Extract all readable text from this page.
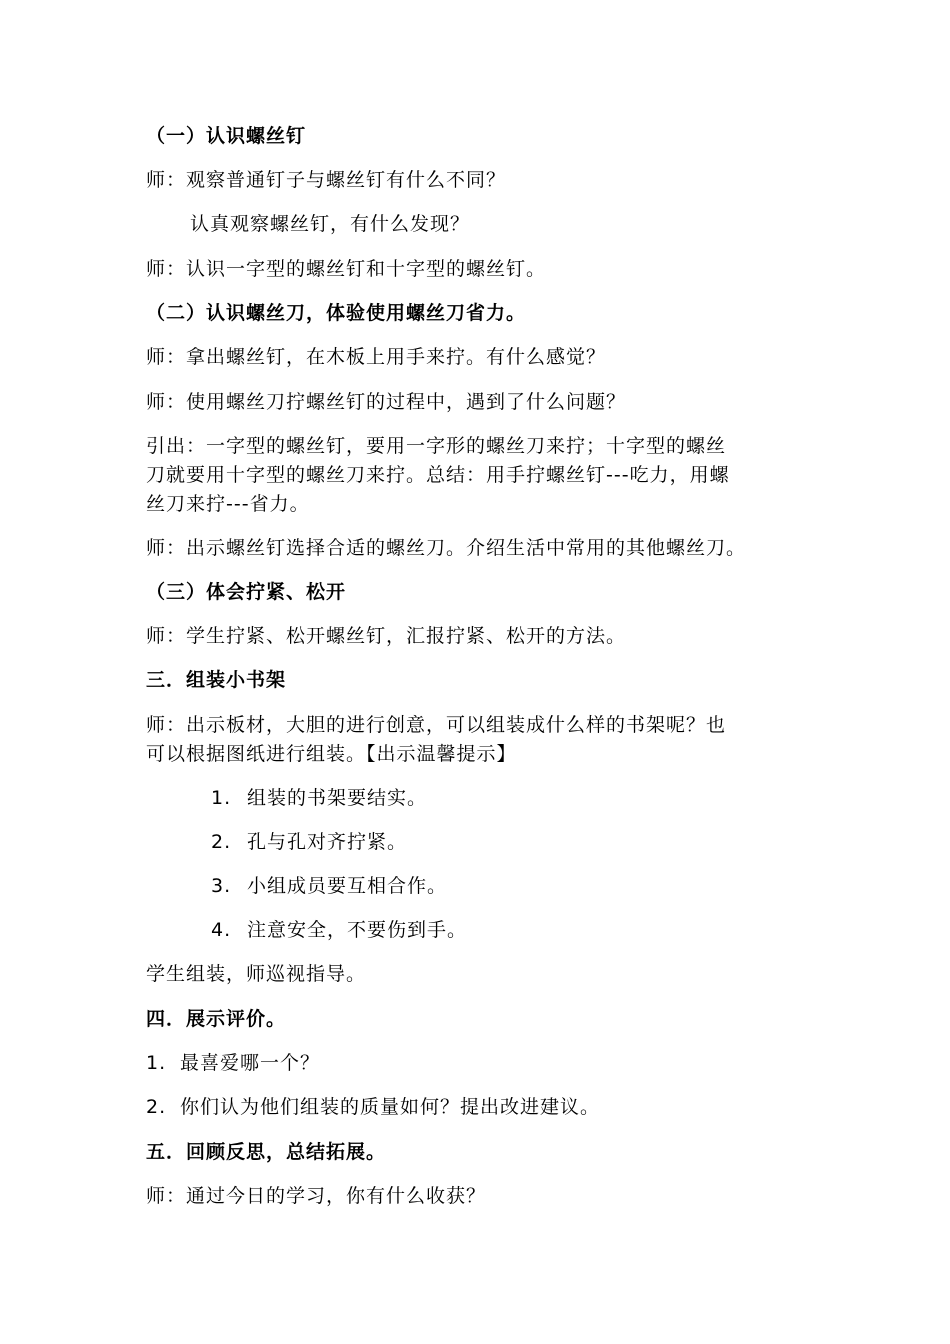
（一）认识螺丝钉
师：观察普通钉子与螺丝钉有什么不同？
认真观察螺丝钉，有什么发现？
师：认识一字型的螺丝钉和十字型的螺丝钉。
（二）认识螺丝刀，体验使用螺丝刀省力。
师：拿出螺丝钉，在木板上用手来拧。有什么感觉？
师：使用螺丝刀拧螺丝钉的过程中，遇到了什么问题？
引出：一字型的螺丝钉，要用一字形的螺丝刀来拧；十字型的螺丝
刀就要用十字型的螺丝刀来拧。总结：用手拧螺丝钉---吃力，用螺
丝刀来拧---省力。
师：出示螺丝钉选择合适的螺丝刀。介绍生活中常用的其他螺丝刀。
（三）体会拧紧、松开
师：学生拧紧、松开螺丝钉，汇报拧紧、松开的方法。
三．组装小书架
师：出示板材，大胆的进行创意，可以组装成什么样的书架呢？也
可以根据图纸进行组装。【出示温馨提示】
1. 组装的书架要结实。
2. 孔与孔对齐拧紧。
3. 小组成员要互相合作。
4. 注意安全，不要伤到手。
学生组装，师巡视指导。
四．展示评价。
1. 最喜爱哪一个？
2. 你们认为他们组装的质量如何？提出改进建议。
五．回顾反思，总结拓展。
师：通过今日的学习，你有什么收获？
